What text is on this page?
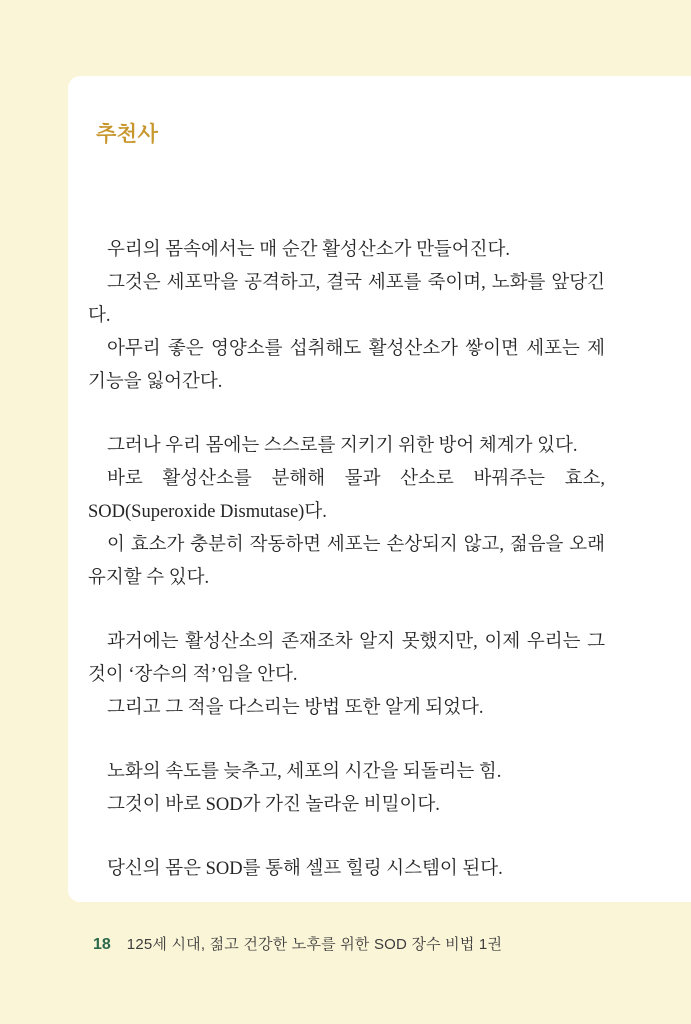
추천사

우리의 몸속에서는 매 순간 활성산소가 만들어진다.

그것은 세포막을 공격하고, 결국 세포를 죽이며, 노화를 앞당긴다.

아무리 좋은 영양소를 섭취해도 활성산소가 쌓이면 세포는 제 기능을 잃어간다.

그러나 우리 몸에는 스스로를 지키기 위한 방어 체계가 있다.

바로 활성산소를 분해해 물과 산소로 바꿔주는 효소, SOD(Superoxide Dismutase)다.

이 효소가 충분히 작동하면 세포는 손상되지 않고, 젊음을 오래 유지할 수 있다.

과거에는 활성산소의 존재조차 알지 못했지만, 이제 우리는 그것이 ‘장수의 적’임을 안다.

그리고 그 적을 다스리는 방법 또한 알게 되었다.

노화의 속도를 늦추고, 세포의 시간을 되돌리는 힘.

그것이 바로 SOD가 가진 놀라운 비밀이다.

당신의 몸은 SOD를 통해 셀프 힐링 시스템이 된다.

18 125세 시대, 젊고 건강한 노후를 위한 SOD 장수 비법 1권
